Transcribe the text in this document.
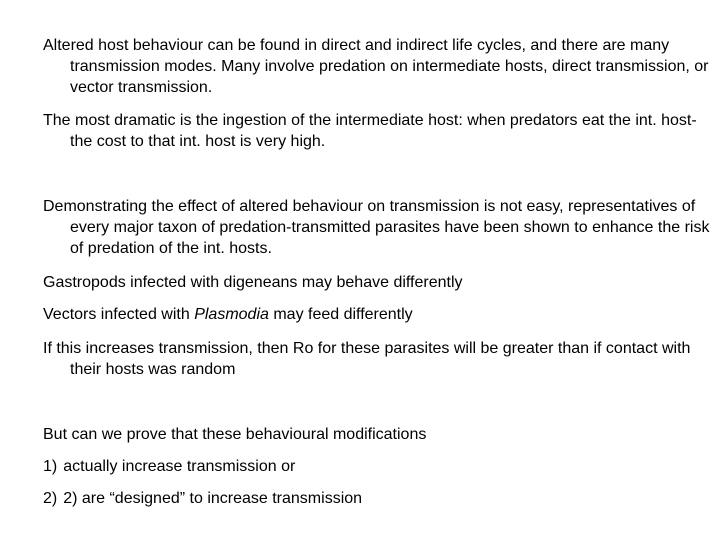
Altered host behaviour can be found in direct and indirect life cycles, and there are many transmission modes. Many involve predation on intermediate hosts, direct transmission, or vector transmission.

The most dramatic is the ingestion of the intermediate host: when predators eat the int. host- the cost to that int. host is very high.

Demonstrating the effect of altered behaviour on transmission is not easy, representatives of every major taxon of predation-transmitted parasites have been shown to enhance the risk of predation of the int. hosts.

Gastropods infected with digeneans may behave differently

Vectors infected with Plasmodia may feed differently

If this increases transmission, then Ro for these parasites will be greater than if contact with their hosts was random

But can we prove that these behavioural modifications

1) actually increase transmission or

2) 2) are “designed” to increase transmission
